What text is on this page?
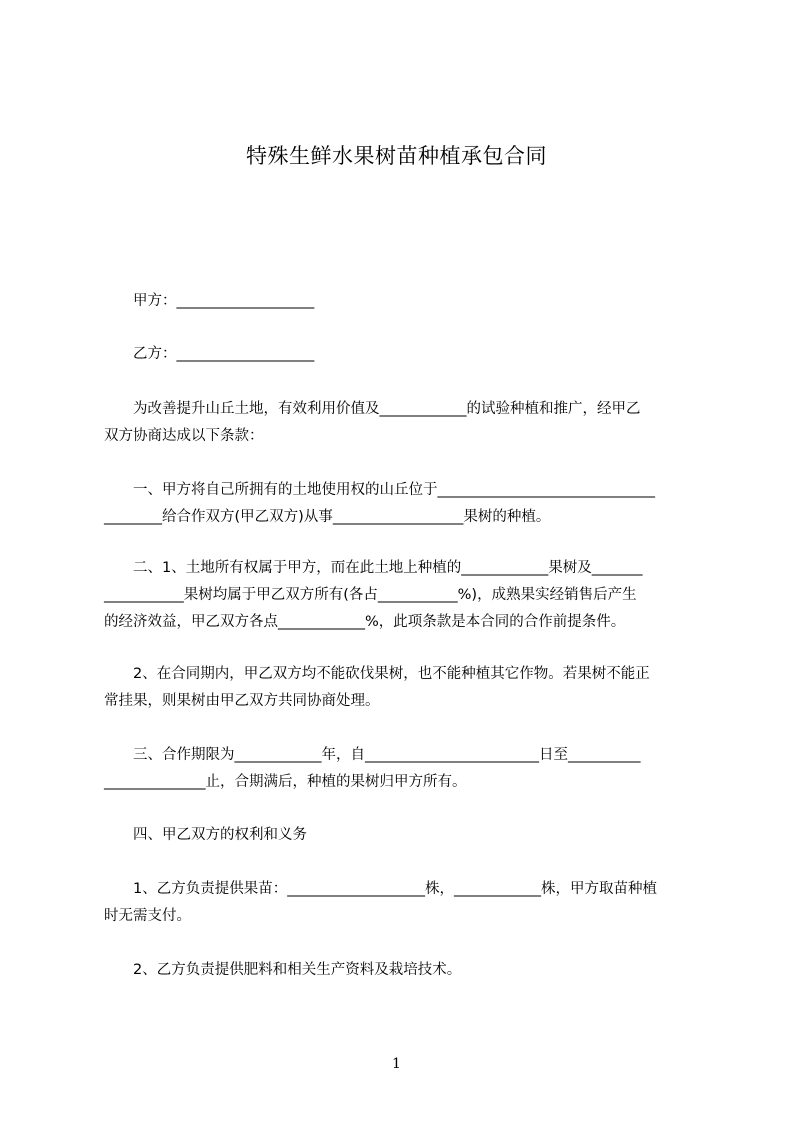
特殊生鲜水果树苗种植承包合同
　　甲方：___________________
　　乙方：___________________
　　为改善提升山丘土地，有效利用价值及____________的试验种植和推广，经甲乙
双方协商达成以下条款：
　　一、甲方将自己所拥有的土地使用权的山丘位于______________________________
________给合作双方(甲乙双方)从事__________________果树的种植。
　　二、1、土地所有权属于甲方，而在此土地上种植的____________果树及_______
___________果树均属于甲乙双方所有(各占___________%)，成熟果实经销售后产生
的经济效益，甲乙双方各点____________%，此项条款是本合同的合作前提条件。
　　2、在合同期内，甲乙双方均不能砍伐果树，也不能种植其它作物。若果树不能正
常挂果，则果树由甲乙双方共同协商处理。
　　三、合作期限为____________年，自________________________日至__________
______________止，合期满后，种植的果树归甲方所有。
　　四、甲乙双方的权利和义务
　　1、乙方负责提供果苗：___________________株，____________株，甲方取苗种植
时无需支付。
　　2、乙方负责提供肥料和相关生产资料及栽培技术。
1
